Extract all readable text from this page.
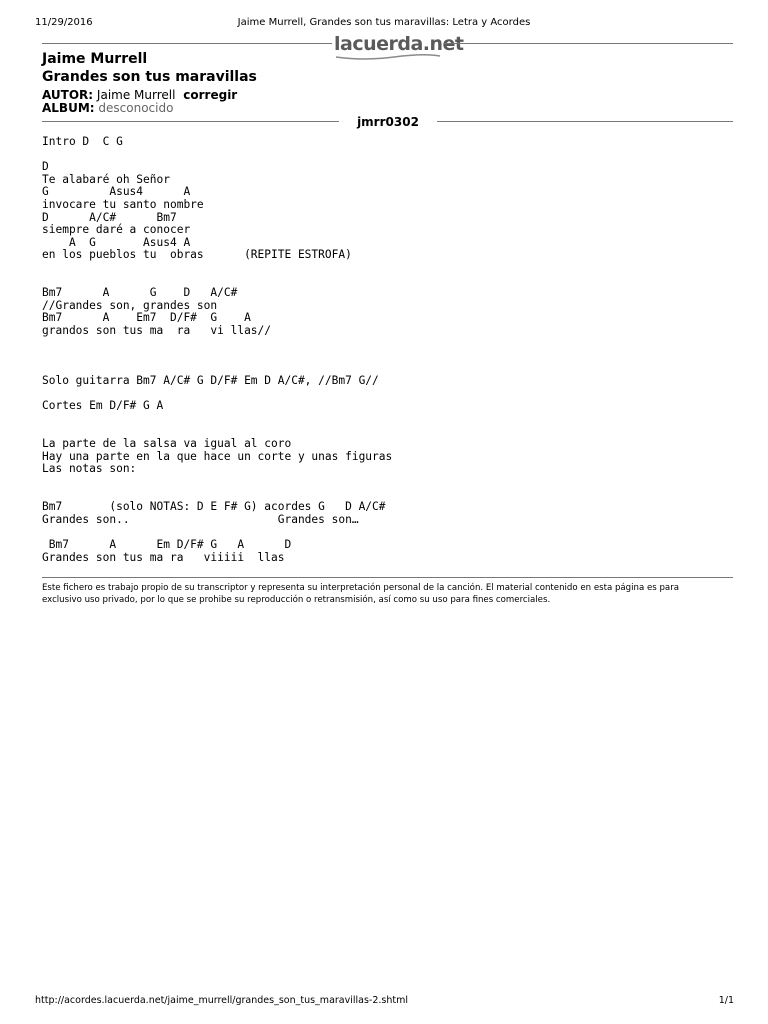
11/29/2016	Jaime Murrell, Grandes son tus maravillas: Letra y Acordes
lacuerda.net
Jaime Murrell
Grandes son tus maravillas
AUTOR: Jaime Murrell corregir
ALBUM: desconocido
jmrr0302
Intro D  C G

D
Te alabaré oh Señor
G         Asus4      A
invocare tu santo nombre
D      A/C#      Bm7
siempre daré a conocer
A  G       Asus4 A
en los pueblos tu  obras      (REPITE ESTROFA)

Bm7      A      G    D   A/C#
//Grandes son, grandes son
Bm7      A    Em7  D/F#  G    A
grandos son tus ma  ra   vi llas//

Solo guitarra Bm7 A/C# G D/F# Em D A/C#, //Bm7 G//

Cortes Em D/F# G A

La parte de la salsa va igual al coro
Hay una parte en la que hace un corte y unas figuras
Las notas son:

Bm7       (solo NOTAS: D E F# G) acordes G   D A/C#
Grandes son..                      Grandes son…

Bm7      A      Em D/F# G   A      D
Grandes son tus ma ra   viiiii  llas
Este fichero es trabajo propio de su transcriptor y representa su interpretación personal de la canción. El material contenido en esta página es para exclusivo uso privado, por lo que se prohibe su reproducción o retransmisión, así como su uso para fines comerciales.
http://acordes.lacuerda.net/jaime_murrell/grandes_son_tus_maravillas-2.shtml	1/1
